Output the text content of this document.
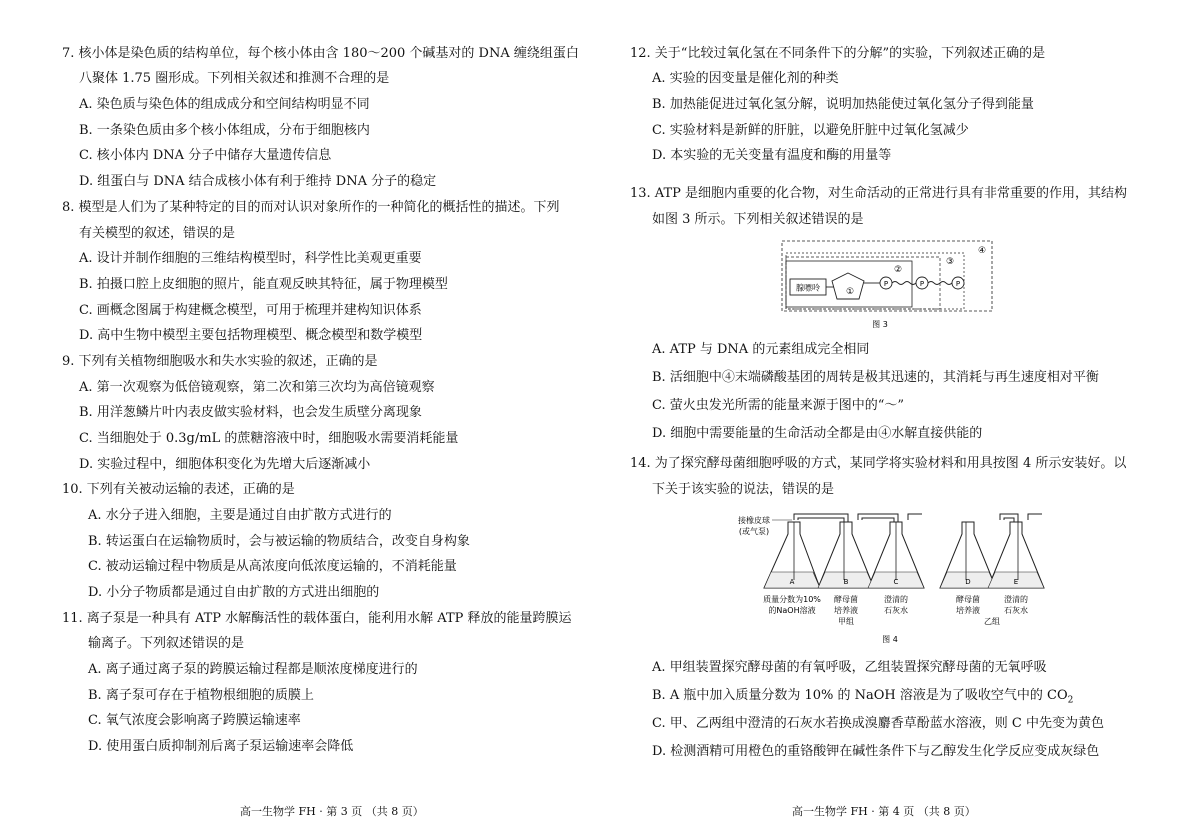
7. 核小体是染色质的结构单位，每个核小体由含 180～200 个碱基对的 DNA 缠绕组蛋白
八聚体 1.75 圈形成。下列相关叙述和推测不合理的是
A. 染色质与染色体的组成成分和空间结构明显不同
B. 一条染色质由多个核小体组成，分布于细胞核内
C. 核小体内 DNA 分子中储存大量遗传信息
D. 组蛋白与 DNA 结合成核小体有利于维持 DNA 分子的稳定
8. 模型是人们为了某种特定的目的而对认识对象所作的一种简化的概括性的描述。下列
有关模型的叙述，错误的是
A. 设计并制作细胞的三维结构模型时，科学性比美观更重要
B. 拍摄口腔上皮细胞的照片，能直观反映其特征，属于物理模型
C. 画概念图属于构建概念模型，可用于梳理并建构知识体系
D. 高中生物中模型主要包括物理模型、概念模型和数学模型
9. 下列有关植物细胞吸水和失水实验的叙述，正确的是
A. 第一次观察为低倍镜观察，第二次和第三次均为高倍镜观察
B. 用洋葱鳞片叶内表皮做实验材料，也会发生质壁分离现象
C. 当细胞处于 0.3g/mL 的蔗糖溶液中时，细胞吸水需要消耗能量
D. 实验过程中，细胞体积变化为先增大后逐渐减小
10. 下列有关被动运输的表述，正确的是
A. 水分子进入细胞，主要是通过自由扩散方式进行的
B. 转运蛋白在运输物质时，会与被运输的物质结合，改变自身构象
C. 被动运输过程中物质是从高浓度向低浓度运输的，不消耗能量
D. 小分子物质都是通过自由扩散的方式进出细胞的
11. 离子泵是一种具有 ATP 水解酶活性的载体蛋白，能利用水解 ATP 释放的能量跨膜运
输离子。下列叙述错误的是
A. 离子通过离子泵的跨膜运输过程都是顺浓度梯度进行的
B. 离子泵可存在于植物根细胞的质膜上
C. 氧气浓度会影响离子跨膜运输速率
D. 使用蛋白质抑制剂后离子泵运输速率会降低
高一生物学 FH · 第 3 页 （共 8 页）
12. 关于“比较过氧化氢在不同条件下的分解”的实验，下列叙述正确的是
A. 实验的因变量是催化剂的种类
B. 加热能促进过氧化氢分解，说明加热能使过氧化氢分子得到能量
C. 实验材料是新鲜的肝脏，以避免肝脏中过氧化氢减少
D. 本实验的无关变量有温度和酶的用量等
13. ATP 是细胞内重要的化合物，对生命活动的正常进行具有非常重要的作用，其结构
如图 3 所示。下列相关叙述错误的是
腺嘌呤	P	P	P
①
②
③
④
图 3
A. ATP 与 DNA 的元素组成完全相同
B. 活细胞中④末端磷酸基团的周转是极其迅速的，其消耗与再生速度相对平衡
C. 萤火虫发光所需的能量来源于图中的“～”
D. 细胞中需要能量的生命活动全都是由④水解直接供能的
14. 为了探究酵母菌细胞呼吸的方式，某同学将实验材料和用具按图 4 所示安装好。以
下关于该实验的说法，错误的是
A	B	C	D	E
接橡皮球
(或气泵)
质量分数为10%
的NaOH溶液
酵母菌
培养液
澄清的
石灰水
酵母菌
培养液
澄清的
石灰水
甲组	乙组
图 4
A. 甲组装置探究酵母菌的有氧呼吸，乙组装置探究酵母菌的无氧呼吸
B. A 瓶中加入质量分数为 10% 的 NaOH 溶液是为了吸收空气中的 $CO_2$
C. 甲、乙两组中澄清的石灰水若换成溴麝香草酚蓝水溶液，则 C 中先变为黄色
D. 检测酒精可用橙色的重铬酸钾在碱性条件下与乙醇发生化学反应变成灰绿色
高一生物学 FH · 第 4 页 （共 8 页）
